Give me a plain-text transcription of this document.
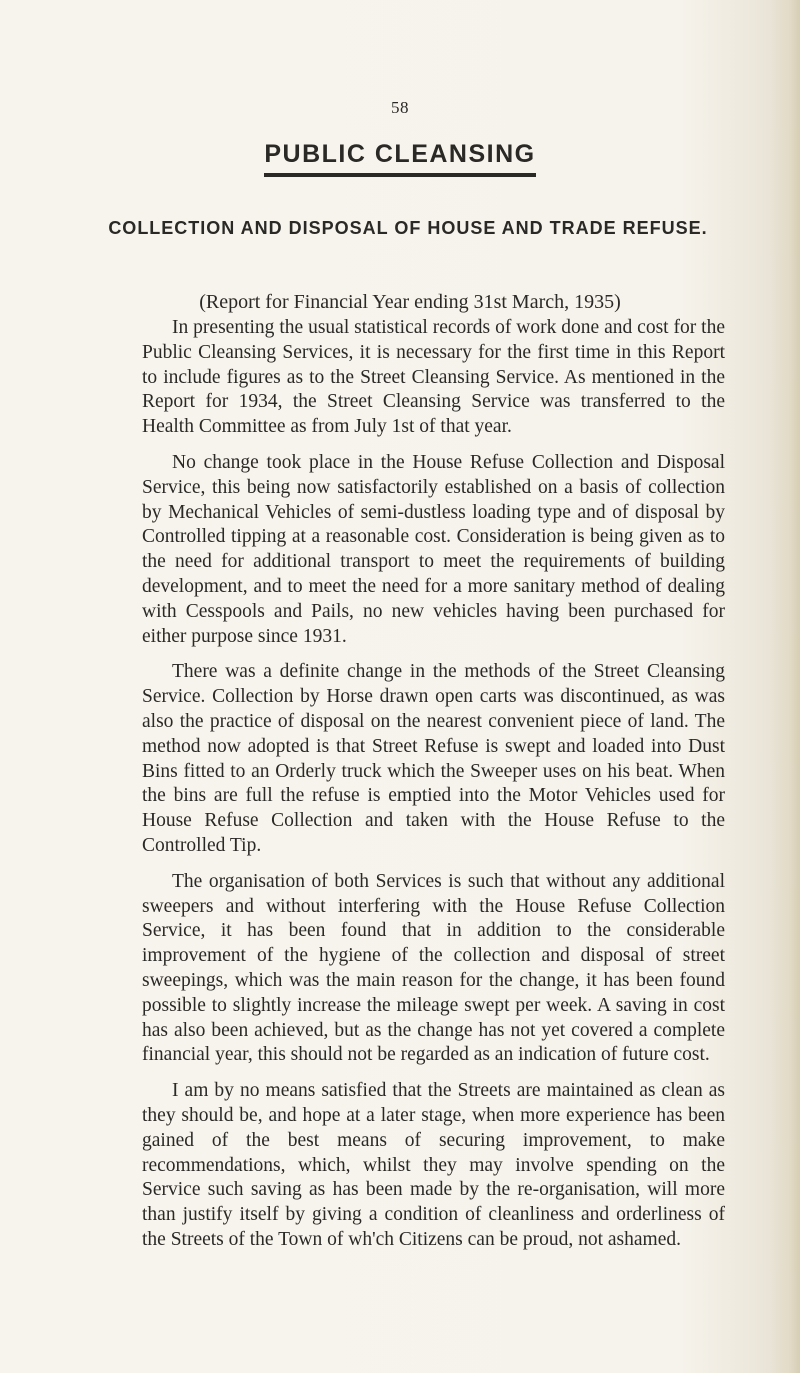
58
PUBLIC CLEANSING
COLLECTION AND DISPOSAL OF HOUSE AND TRADE REFUSE.
(Report for Financial Year ending 31st March, 1935)

In presenting the usual statistical records of work done and cost for the Public Cleansing Services, it is necessary for the first time in this Report to include figures as to the Street Cleansing Service. As mentioned in the Report for 1934, the Street Cleansing Service was transferred to the Health Committee as from July 1st of that year.

No change took place in the House Refuse Collection and Disposal Service, this being now satisfactorily established on a basis of collection by Mechanical Vehicles of semi-dustless loading type and of disposal by Controlled tipping at a reasonable cost. Consideration is being given as to the need for additional transport to meet the requirements of building development, and to meet the need for a more sanitary method of dealing with Cesspools and Pails, no new vehicles having been purchased for either purpose since 1931.

There was a definite change in the methods of the Street Cleansing Service. Collection by Horse drawn open carts was discontinued, as was also the practice of disposal on the nearest convenient piece of land. The method now adopted is that Street Refuse is swept and loaded into Dust Bins fitted to an Orderly truck which the Sweeper uses on his beat. When the bins are full the refuse is emptied into the Motor Vehicles used for House Refuse Collection and taken with the House Refuse to the Controlled Tip.

The organisation of both Services is such that without any additional sweepers and without interfering with the House Refuse Collection Service, it has been found that in addition to the considerable improvement of the hygiene of the collection and disposal of street sweepings, which was the main reason for the change, it has been found possible to slightly increase the mileage swept per week. A saving in cost has also been achieved, but as the change has not yet covered a complete financial year, this should not be regarded as an indication of future cost.

I am by no means satisfied that the Streets are maintained as clean as they should be, and hope at a later stage, when more experience has been gained of the best means of securing improvement, to make recommendations, which, whilst they may involve spending on the Service such saving as has been made by the re-organisation, will more than justify itself by giving a condition of cleanliness and orderliness of the Streets of the Town of wh'ch Citizens can be proud, not ashamed.
